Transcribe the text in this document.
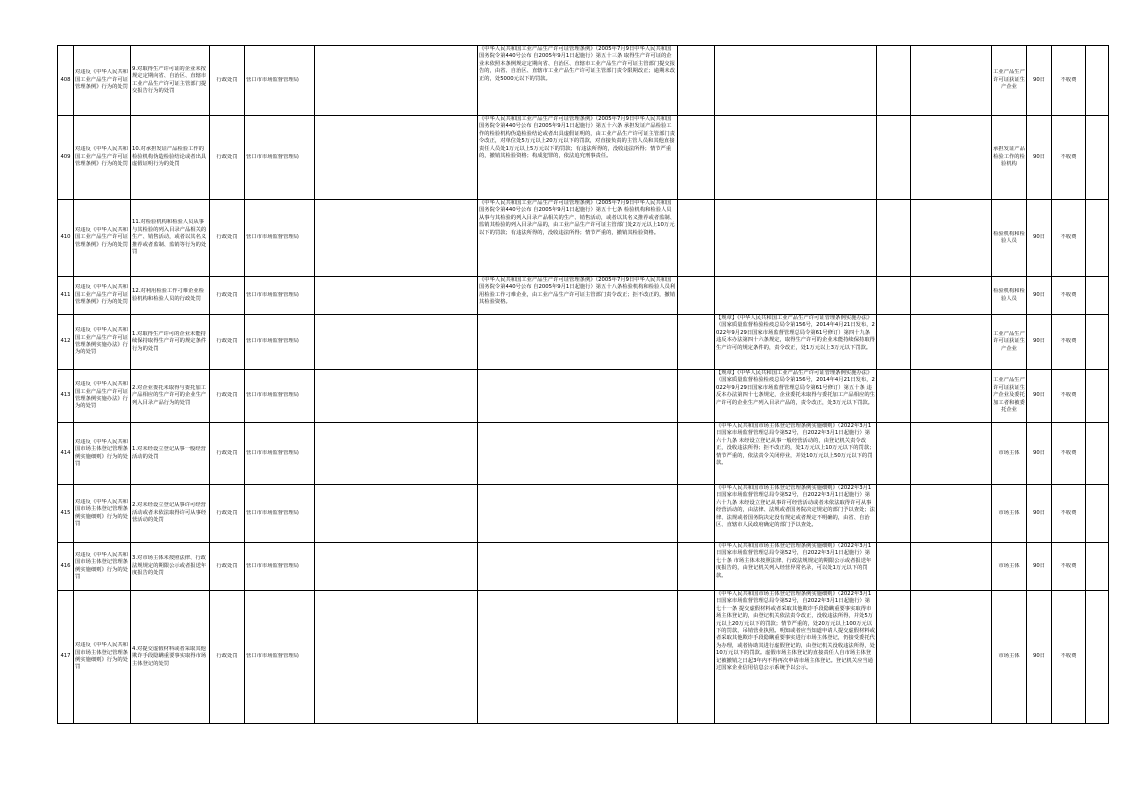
408	对违反《中华人民共和国工业产品生产许可证管理条例》行为的处罚	9.对取得生产许可证的企业未按规定定期向省、自治区、直辖市工业产品生产许可证主管部门提交报告行为的处罚	行政处罚	营口市市场监督管理局		《中华人民共和国工业产品生产许可证管理条例》（2005年7月9日中华人民共和国国务院令第440号公布 自2005年9月1日起施行）第五十三条 取得生产许可证的企业未依照本条例规定定期向省、自治区、直辖市工业产品生产许可证主管部门提交报告的，由省、自治区、直辖市工业产品生产许可证主管部门责令限期改正；逾期未改正的，处5000元以下的罚款。					工业产品生产许可证获证生产企业	90日	不收费	

409	对违反《中华人民共和国工业产品生产许可证管理条例》行为的处罚	10.对承担发证产品检验工作的检验机构伪造检验结论或者出具虚假证明行为的处罚	行政处罚	营口市市场监督管理局		《中华人民共和国工业产品生产许可证管理条例》（2005年7月9日中华人民共和国国务院令第440号公布 自2005年9月1日起施行）第五十六条 承担发证产品检验工作的检验机构伪造检验结论或者出具虚假证明的，由工业产品生产许可证主管部门责令改正，对单位处5万元以上20万元以下的罚款，对直接负责的主管人员和其他直接责任人员处1万元以上5万元以下的罚款；有违法所得的，没收违法所得；情节严重的，撤销其检验资格；构成犯罪的，依法追究刑事责任。					承担发证产品检验工作的检验机构	90日	不收费	

410	对违反《中华人民共和国工业产品生产许可证管理条例》行为的处罚	11.对检验机构和检验人员从事与其检验的列入目录产品相关的生产、销售活动，或者以其名义推荐或者监制、监销等行为的处罚	行政处罚	营口市市场监督管理局		《中华人民共和国工业产品生产许可证管理条例》（2005年7月9日中华人民共和国国务院令第440号公布 自2005年9月1日起施行）第五十七条 检验机构和检验人员从事与其检验的列入目录产品相关的生产、销售活动，或者以其名义推荐或者监制、监销其检验的列入目录产品的，由工业产品生产许可证主管部门处2万元以上10万元以下的罚款；有违法所得的，没收违法所得；情节严重的，撤销其检验资格。					检验机构和检验人员	90日	不收费	

411	对违反《中华人民共和国工业产品生产许可证管理条例》行为的处罚	12.对利用检验工作刁难企业检验机构和检验人员的行政处罚	行政处罚	营口市市场监督管理局		《中华人民共和国工业产品生产许可证管理条例》（2005年7月9日中华人民共和国国务院令第440号公布 自2005年9月1日起施行）第五十八条检验机构和检验人员利用检验工作刁难企业，由工业产品生产许可证主管部门责令改正；拒不改正的，撤销其检验资格。					检验机构和检验人员	90日	不收费	

412	对违反《中华人民共和国工业产品生产许可证管理条例实施办法》行为的处罚	1.对取得生产许可的企业未能持续保持取得生产许可的规定条件行为的处罚	行政处罚	营口市市场监督管理局				【规章】《中华人民共和国工业产品生产许可证管理条例实施办法》（国家质量监督检验检疫总局令第156号，2014年4月21日发布，2022年9月29日国家市场监督管理总局令第61号修订）第四十九条 违反本办法第四十六条规定，取得生产许可的企业未能持续保持取得生产许可的规定条件的，责令改正，处1万元以上3万元以下罚款。			工业产品生产许可证获证生产企业	90日	不收费	

413	对违反《中华人民共和国工业产品生产许可证管理条例实施办法》行为的处罚	2.对企业委托未取得与委托加工产品相应的生产许可的企业生产列入目录产品行为的处罚	行政处罚	营口市市场监督管理局				【规章】《中华人民共和国工业产品生产许可证管理条例实施办法》（国家质量监督检验检疫总局令第156号，2014年4月21日发布，2022年9月29日国家市场监督管理总局令第61号修订）第五十条 违反本办法第四十七条规定，企业委托未取得与委托加工产品相应的生产许可的企业生产列入目录产品的，责令改正，处3万元以下罚款。			工业产品生产许可证获证生产企业及委托加工者和被委托企业	90日	不收费	

414	对违反《中华人民共和国市场主体登记管理条例实施细则》行为的处罚	1.对未经设立登记从事一般经营活动的处罚	行政处罚	营口市市场监督管理局				《中华人民共和国市场主体登记管理条例实施细则》（2022年3月1日国家市场监督管理总局令第52号，自2022年3月1日起施行）第六十九条 未经设立登记从事一般经营活动的，由登记机关责令改正，没收违法所得；拒不改正的，处1万元以上10万元以下的罚款；情节严重的，依法责令关闭停业，并处10万元以上50万元以下的罚款。			市场主体	90日	不收费	

415	对违反《中华人民共和国市场主体登记管理条例实施细则》行为的处罚	2.对未经设立登记从事许可经营活动或者未依法取得许可从事经营活动的处罚	行政处罚	营口市市场监督管理局				《中华人民共和国市场主体登记管理条例实施细则》（2022年3月1日国家市场监督管理总局令第52号，自2022年3月1日起施行）第六十九条 未经设立登记从事许可经营活动或者未依法取得许可从事经营活动的，由法律、法规或者国务院决定规定的部门予以查处；法律、法规或者国务院决定没有规定或者规定不明确的，由省、自治区、直辖市人民政府确定的部门予以查处。			市场主体	90日	不收费	

416	对违反《中华人民共和国市场主体登记管理条例实施细则》行为的处罚	3.对市场主体未按照法律、行政法规规定的期限公示或者报送年度报告的处罚	行政处罚	营口市市场监督管理局				《中华人民共和国市场主体登记管理条例实施细则》（2022年3月1日国家市场监督管理总局令第52号，自2022年3月1日起施行）第七十条 市场主体未按照法律、行政法规规定的期限公示或者报送年度报告的，由登记机关列入经营异常名录，可以处1万元以下的罚款。			市场主体	90日	不收费	

417	对违反《中华人民共和国市场主体登记管理条例实施细则》行为的处罚	4.对提交虚假材料或者采取其他欺诈手段隐瞒重要事实取得市场主体登记的处罚	行政处罚	营口市市场监督管理局				《中华人民共和国市场主体登记管理条例实施细则》（2022年3月1日国家市场监督管理总局令第52号，自2022年3月1日起施行）第七十一条 提交虚假材料或者采取其他欺诈手段隐瞒重要事实取得市场主体登记的，由登记机关依法责令改正，没收违法所得，并处5万元以上20万元以下的罚款；情节严重的，处20万元以上100万元以下的罚款，吊销营业执照。明知或者应当知道申请人提交虚假材料或者采取其他欺诈手段隐瞒重要事实进行市场主体登记，仍接受委托代为办理，或者协助其进行虚假登记的，由登记机关没收违法所得，处10万元以下的罚款。虚假市场主体登记的直接责任人自市场主体登记被撤销之日起3年内不得再次申请市场主体登记。登记机关应当通过国家企业信用信息公示系统予以公示。			市场主体	90日	不收费	
